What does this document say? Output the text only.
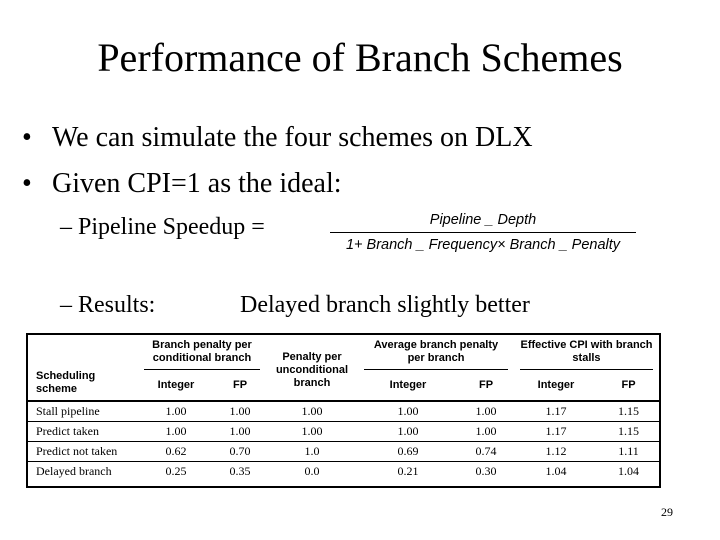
Performance of Branch Schemes
• We can simulate the four schemes on DLX
• Given CPI=1 as the ideal:
– Pipeline Speedup =	Pipeline _ Depth
1+ Branch _ Frequency× Branch _ Penalty
– Results:	Delayed branch slightly better
Scheduling scheme	Branch penalty per conditional branch		Penalty per unconditional branch	Average branch penalty per branch		Effective CPI with branch stalls	

	Integer	FP		Integer	FP	Integer	FP
Stall pipeline	1.00	1.00	1.00	1.00	1.00	1.17	1.15
Predict taken	1.00	1.00	1.00	1.00	1.00	1.17	1.15
Predict not taken	0.62	0.70	1.0	0.69	0.74	1.12	1.11
Delayed branch	0.25	0.35	0.0	0.21	0.30	1.04	1.04
29
